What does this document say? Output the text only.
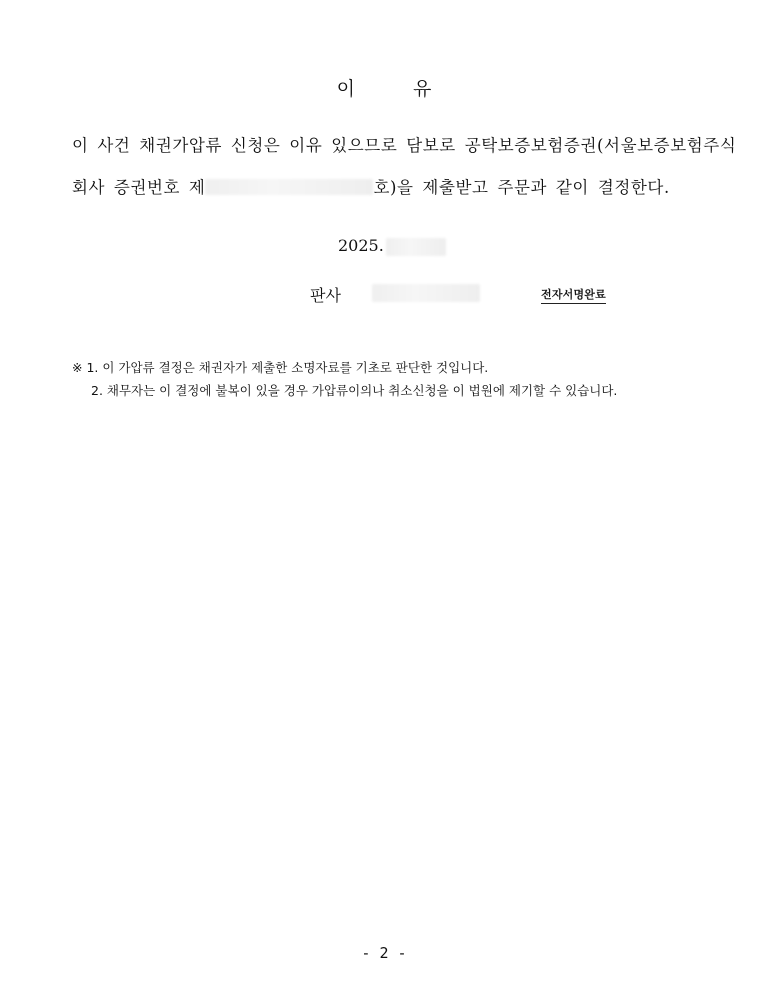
이	유
이 사건 채권가압류 신청은 이유 있으므로 담보로 공탁보증보험증권(서울보증보험주식
회사 증권번호 제	호)을 제출받고 주문과 같이 결정한다.
2025.
판사	전자서명완료
※ 1. 이 가압류 결정은 채권자가 제출한 소명자료를 기초로 판단한 것입니다.
2. 채무자는 이 결정에 불복이 있을 경우 가압류이의나 취소신청을 이 법원에 제기할 수 있습니다.
- 2 -
